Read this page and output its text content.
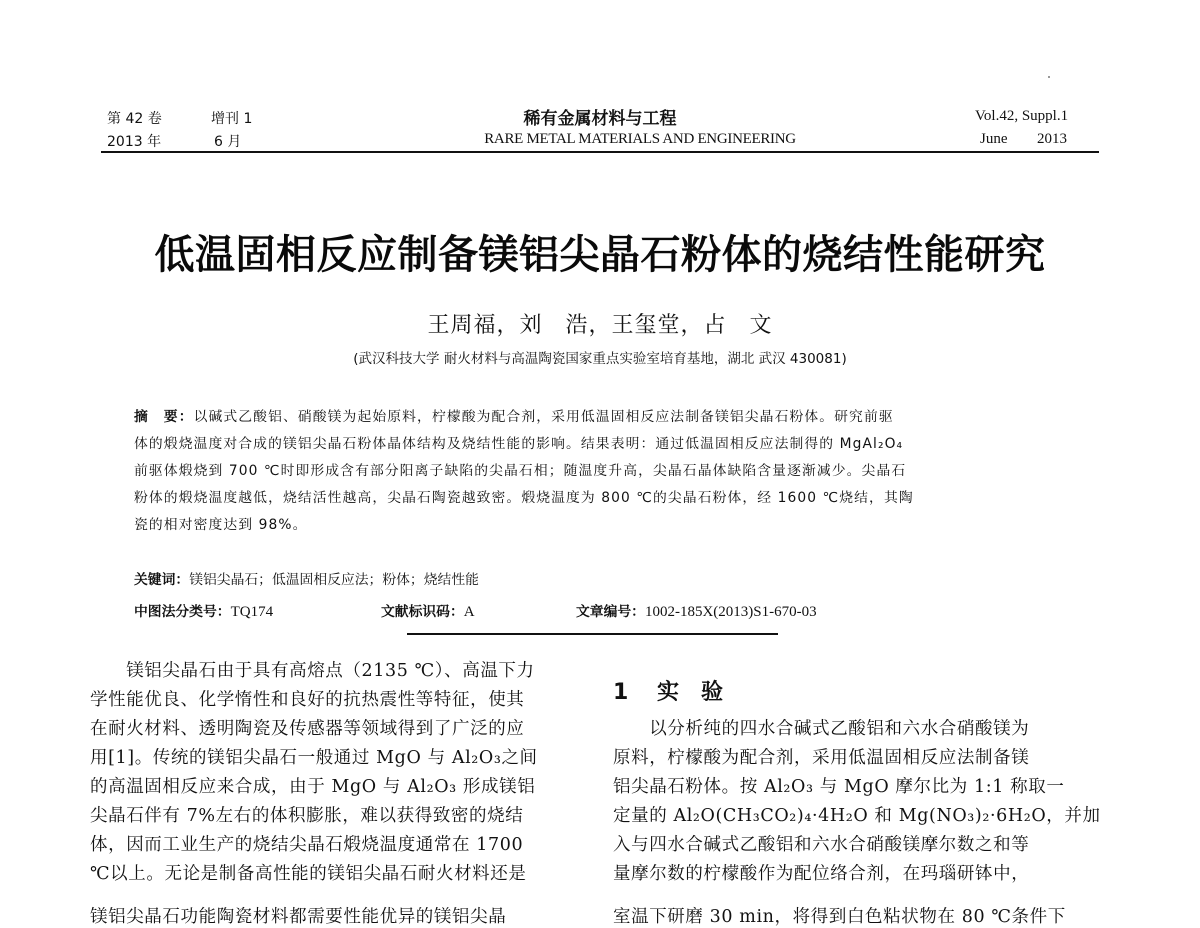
第 42 卷	增刊 1
2013 年	6 月
稀有金属材料与工程
RARE METAL MATERIALS AND ENGINEERING
Vol.42, Suppl.1
June 2013
低温固相反应制备镁铝尖晶石粉体的烧结性能研究
王周福，刘　浩，王玺堂，占　文
(武汉科技大学 耐火材料与高温陶瓷国家重点实验室培育基地，湖北 武汉 430081)
摘　要：以碱式乙酸铝、硝酸镁为起始原料，柠檬酸为配合剂，采用低温固相反应法制备镁铝尖晶石粉体。研究前驱
体的煅烧温度对合成的镁铝尖晶石粉体晶体结构及烧结性能的影响。结果表明：通过低温固相反应法制得的 MgAl₂O₄
前驱体煅烧到 700 ℃时即形成含有部分阳离子缺陷的尖晶石相；随温度升高，尖晶石晶体缺陷含量逐渐减少。尖晶石
粉体的煅烧温度越低，烧结活性越高，尖晶石陶瓷越致密。煅烧温度为 800 ℃的尖晶石粉体，经 1600 ℃烧结，其陶
瓷的相对密度达到 98%。
关键词：镁铝尖晶石；低温固相反应法；粉体；烧结性能
中图法分类号：TQ174	文献标识码：A	文章编号：1002-185X(2013)S1-670-03
　　镁铝尖晶石由于具有高熔点（2135 ℃）、高温下力
学性能优良、化学惰性和良好的抗热震性等特征，使其
在耐火材料、透明陶瓷及传感器等领域得到了广泛的应
用[1]。传统的镁铝尖晶石一般通过 MgO 与 Al₂O₃之间
的高温固相反应来合成，由于 MgO 与 Al₂O₃ 形成镁铝
尖晶石伴有 7%左右的体积膨胀，难以获得致密的烧结
体，因而工业生产的烧结尖晶石煅烧温度通常在 1700
℃以上。无论是制备高性能的镁铝尖晶石耐火材料还是
镁铝尖晶石功能陶瓷材料都需要性能优异的镁铝尖晶
1 实　验
　　以分析纯的四水合碱式乙酸铝和六水合硝酸镁为
原料，柠檬酸为配合剂，采用低温固相反应法制备镁
铝尖晶石粉体。按 Al₂O₃ 与 MgO 摩尔比为 1:1 称取一
定量的 Al₂O(CH₃CO₂)₄·4H₂O 和 Mg(NO₃)₂·6H₂O，并加
入与四水合碱式乙酸铝和六水合硝酸镁摩尔数之和等
量摩尔数的柠檬酸作为配位络合剂，在玛瑙研钵中，
室温下研磨 30 min，将得到白色粘状物在 80 ℃条件下
